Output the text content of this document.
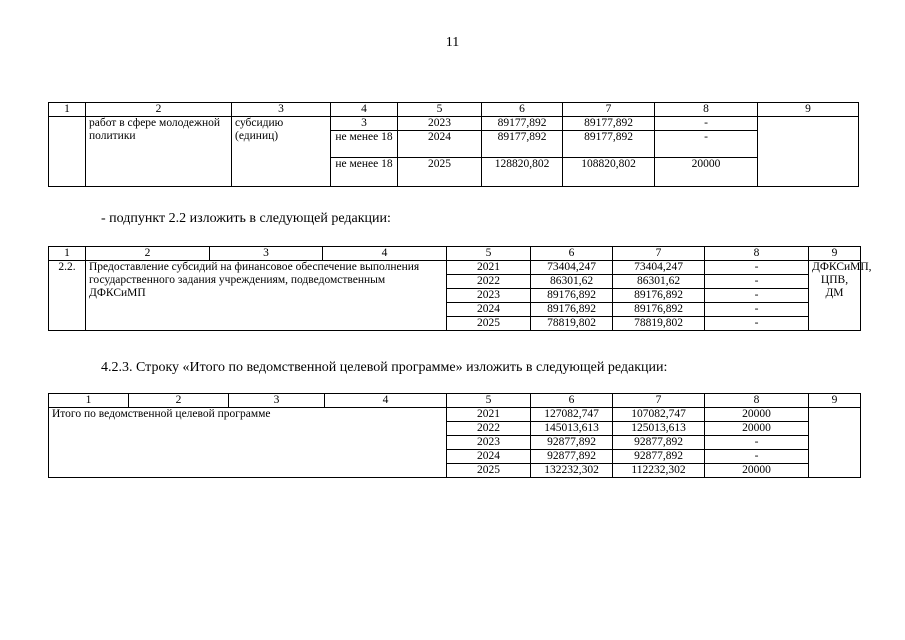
11
1	2	3	4	5	6	7	8	9
	работ в сфере молодежной политики	субсидию (единиц)	3	2023	89177,892	89177,892	-	
			не менее 18	2024	89177,892	89177,892	-	
			не менее 18	2025	128820,802	108820,802	20000	
- подпункт 2.2 изложить в следующей редакции:
1	2	3	4	5	6	7	8	9
2.2.	Предоставление субсидий на финансовое обеспечение выполнения государственного задания учреждениям, подведомственным ДФКСиМП			2021	73404,247	73404,247	-	ДФКСиМП, ЦПВ, ДМ
				2022	86301,62	86301,62	-	
				2023	89176,892	89176,892	-	
				2024	89176,892	89176,892	-	
				2025	78819,802	78819,802	-	
4.2.3. Строку «Итого по ведомственной целевой программе» изложить в следующей редакции:
1	2	3	4	5	6	7	8	9
Итого по ведомственной целевой программе				2021	127082,747	107082,747	20000	
				2022	145013,613	125013,613	20000	
				2023	92877,892	92877,892	-	
				2024	92877,892	92877,892	-	
				2025	132232,302	112232,302	20000	
